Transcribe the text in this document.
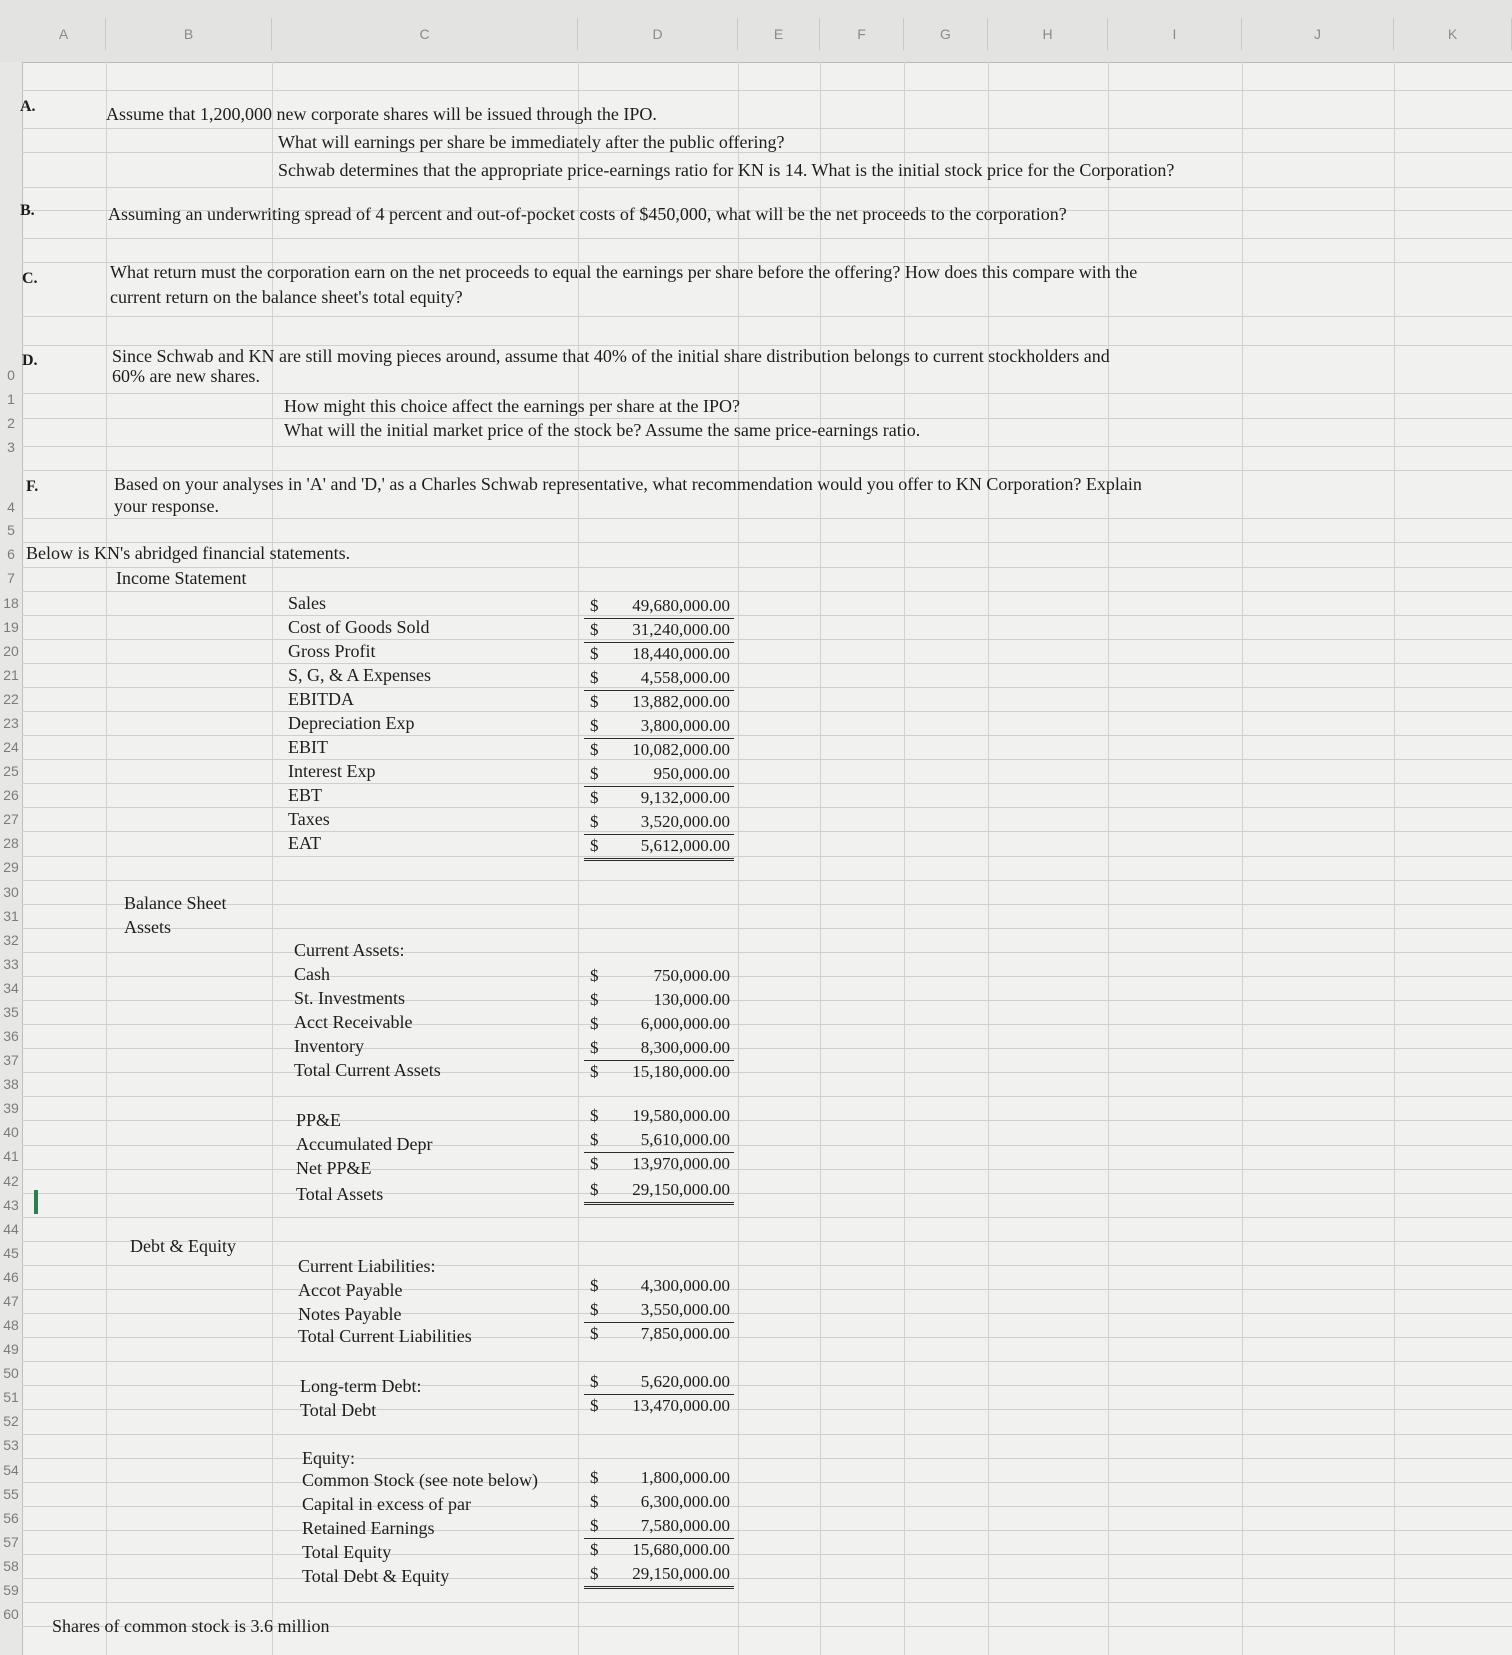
A	B	C	D	E	F	G	H	I	J	K
0
1
2
3
4
5
6
7
18
19
20
21
22
23
24
25
26
27
28
29
30
31
32
33
34
35
36
37
38
39
40
41
42
43
44
45
46
47
48
49
50
51
52
53
54
55
56
57
58
59
60
A.	Assume that 1,200,000 new corporate shares will be issued through the IPO.
What will earnings per share be immediately after the public offering?
Schwab determines that the appropriate price-earnings ratio for KN is 14. What is the initial stock price for the Corporation?
B.	Assuming an underwriting spread of 4 percent and out-of-pocket costs of $450,000, what will be the net proceeds to the corporation?
C.	What return must the corporation earn on the net proceeds to equal the earnings per share before the offering? How does this compare with the
current return on the balance sheet's total equity?
D.	Since Schwab and KN are still moving pieces around, assume that 40% of the initial share distribution belongs to current stockholders and
60% are new shares.
How might this choice affect the earnings per share at the IPO?
What will the initial market price of the stock be? Assume the same price-earnings ratio.
F.	Based on your analyses in 'A' and 'D,' as a Charles Schwab representative, what recommendation would you offer to KN Corporation? Explain
your response.
Below is KN's abridged financial statements.
Income Statement
Sales	$ 49,680,000.00
Cost of Goods Sold	$ 31,240,000.00
Gross Profit	$ 18,440,000.00
S, G, & A Expenses	$ 4,558,000.00
EBITDA	$ 13,882,000.00
Depreciation Exp	$ 3,800,000.00
EBIT	$ 10,082,000.00
Interest Exp	$	950,000.00
EBT	$ 9,132,000.00
Taxes	$ 3,520,000.00
EAT	$ 5,612,000.00
Balance Sheet
Assets
Current Assets:
Cash	$	750,000.00
St. Investments	$	130,000.00
Acct Receivable	$ 6,000,000.00
Inventory	$ 8,300,000.00
Total Current Assets	$ 15,180,000.00
PP&E	$ 19,580,000.00
Accumulated Depr	$ 5,610,000.00
Net PP&E	$ 13,970,000.00
Total Assets	$ 29,150,000.00
Debt & Equity
Current Liabilities:
Accot Payable	$ 4,300,000.00
Notes Payable	$ 3,550,000.00
Total Current Liabilities	$ 7,850,000.00
Long-term Debt:	$ 5,620,000.00
Total Debt	$ 13,470,000.00
Equity:
Common Stock (see note below)	$ 1,800,000.00
Capital in excess of par	$ 6,300,000.00
Retained Earnings	$ 7,580,000.00
Total Equity	$ 15,680,000.00
Total Debt & Equity	$ 29,150,000.00
Shares of common stock is 3.6 million
